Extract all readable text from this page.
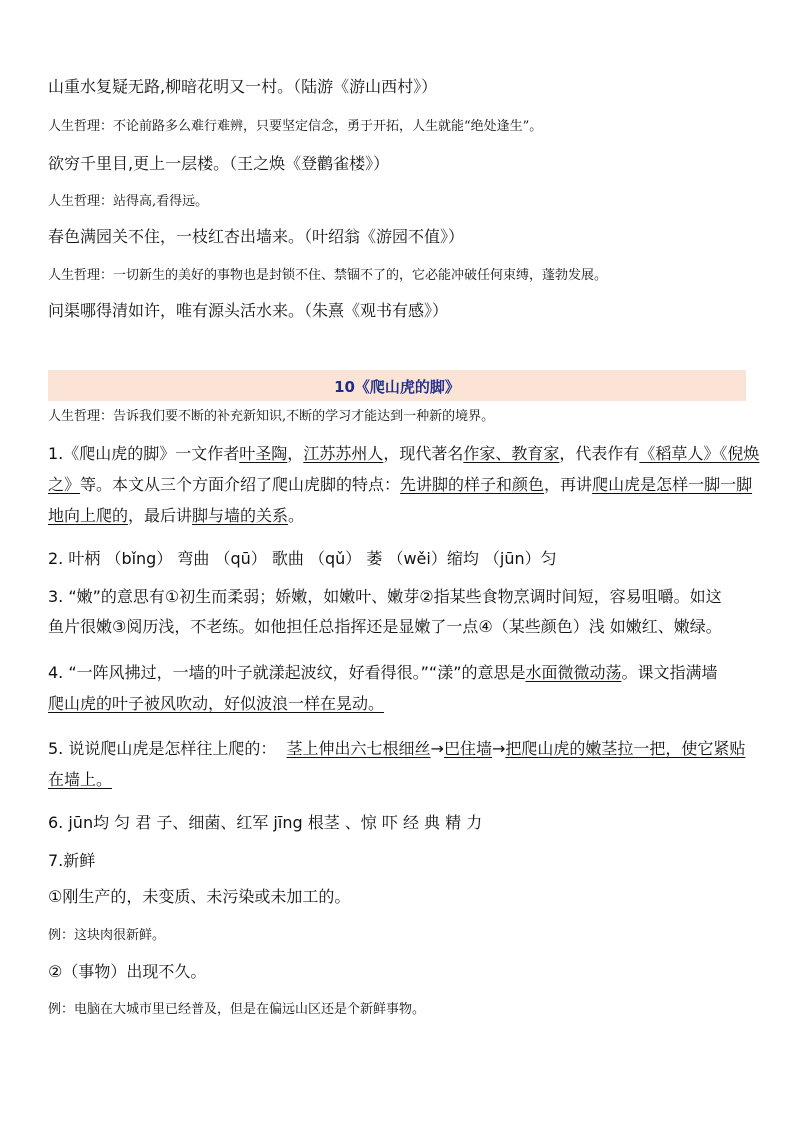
山重水复疑无路,柳暗花明又一村。（陆游《游山西村》）
人生哲理：不论前路多么难行难辨，只要坚定信念，勇于开拓，人生就能“绝处逢生”。
欲穷千里目,更上一层楼。（王之焕《登鹳雀楼》）
人生哲理：站得高,看得远。
春色满园关不住，一枝红杏出墙来。（叶绍翁《游园不值》）
人生哲理：一切新生的美好的事物也是封锁不住、禁锢不了的，它必能冲破任何束缚，蓬勃发展。
问渠哪得清如许，唯有源头活水来。（朱熹《观书有感》）
10《爬山虎的脚》
人生哲理：告诉我们要不断的补充新知识,不断的学习才能达到一种新的境界。
1.《爬山虎的脚》一文作者叶圣陶，江苏苏州人，现代著名作家、教育家，代表作有《稻草人》《倪焕
之》等。本文从三个方面介绍了爬山虎脚的特点：先讲脚的样子和颜色，再讲爬山虎是怎样一脚一脚
地向上爬的，最后讲脚与墙的关系。
2. 叶柄 （bǐng） 弯曲 （qū） 歌曲 （qǔ） 萎 （wěi）缩均 （jūn）匀
3. “嫩”的意思有①初生而柔弱；娇嫩，如嫩叶、嫩芽②指某些食物烹调时间短，容易咀嚼。如这
鱼片很嫩③阅历浅，不老练。如他担任总指挥还是显嫩了一点④（某些颜色）浅 如嫩红、嫩绿。
4. “一阵风拂过，一墙的叶子就漾起波纹，好看得很。”“漾”的意思是水面微微动荡。课文指满墙
爬山虎的叶子被风吹动，好似波浪一样在晃动。
5. 说说爬山虎是怎样往上爬的： 茎上伸出六七根细丝→巴住墙→把爬山虎的嫩茎拉一把，使它紧贴
在墙上。
6. jūn均 匀 君 子、细菌、红军 jīng 根茎 、惊 吓 经 典 精 力
7.新鲜
①刚生产的，未变质、未污染或未加工的。
例：这块肉很新鲜。
②（事物）出现不久。
例：电脑在大城市里已经普及，但是在偏远山区还是个新鲜事物。
